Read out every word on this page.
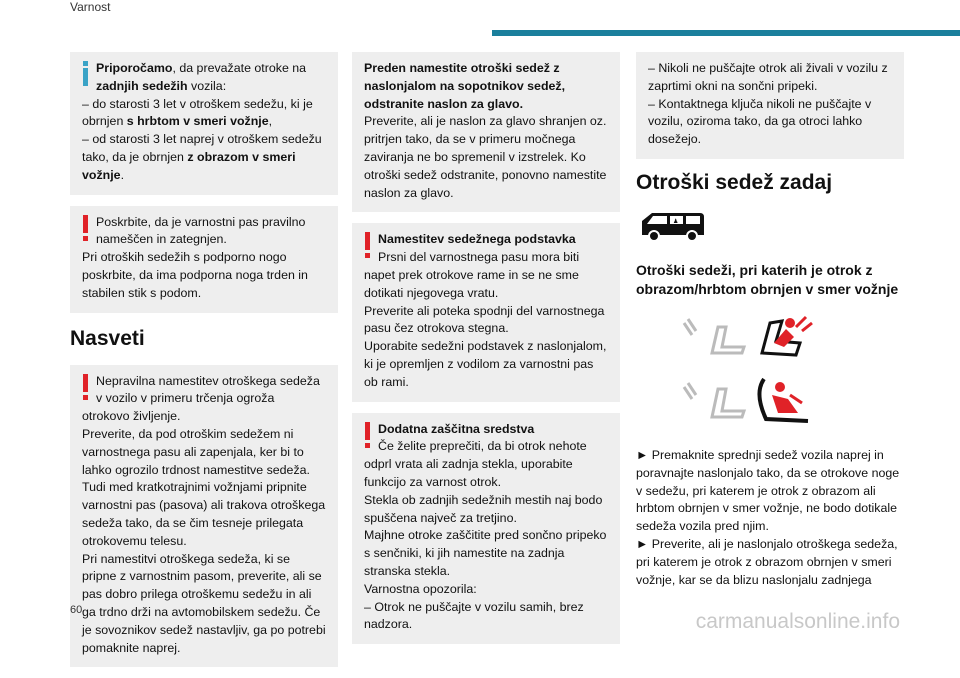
Varnost
Priporočamo, da prevažate otroke na zadnjih sedežih vozila:
– do starosti 3 let v otroškem sedežu, ki je obrnjen s hrbtom v smeri vožnje,
– od starosti 3 let naprej v otroškem sedežu tako, da je obrnjen z obrazom v smeri vožnje.
Poskrbite, da je varnostni pas pravilno nameščen in zategnjen.
Pri otroških sedežih s podporno nogo poskrbite, da ima podporna noga trden in stabilen stik s podom.
Nasveti
Nepravilna namestitev otroškega sedeža v vozilo v primeru trčenja ogroža
otrokovo življenje.
Preverite, da pod otroškim sedežem ni varnostnega pasu ali zapenjala, ker bi to lahko ogrozilo trdnost namestitve sedeža.
Tudi med kratkotrajnimi vožnjami pripnite varnostni pas (pasova) ali trakova otroškega sedeža tako, da se čim tesneje prilegata otrokovemu telesu.
Pri namestitvi otroškega sedeža, ki se pripne z varnostnim pasom, preverite, ali se pas dobro prilega otroškemu sedežu in ali ga trdno drži na avtomobilskem sedežu. Če je sovoznikov sedež nastavljiv, ga po potrebi pomaknite naprej.
Preden namestite otroški sedež z naslonjalom na sopotnikov sedež, odstranite naslon za glavo.
Preverite, ali je naslon za glavo shranjen oz. pritrjen tako, da se v primeru močnega zaviranja ne bo spremenil v izstrelek. Ko otroški sedež odstranite, ponovno namestite naslon za glavo.
Namestitev sedežnega podstavka
Prsni del varnostnega pasu mora biti
napet prek otrokove rame in se ne sme dotikati njegovega vratu.
Preverite ali poteka spodnji del varnostnega pasu čez otrokova stegna.
Uporabite sedežni podstavek z naslonjalom, ki je opremljen z vodilom za varnostni pas ob rami.
Dodatna zaščitna sredstva
Če želite preprečiti, da bi otrok nehote
odprl vrata ali zadnja stekla, uporabite funkcijo za varnost otrok.
Stekla ob zadnjih sedežnih mestih naj bodo spuščena največ za tretjino.
Majhne otroke zaščitite pred sončno pripeko s senčniki, ki jih namestite na zadnja stranska stekla.
Varnostna opozorila:
– Otrok ne puščajte v vozilu samih, brez nadzora.
– Nikoli ne puščajte otrok ali živali v vozilu z zaprtimi okni na sončni pripeki.
– Kontaktnega ključa nikoli ne puščajte v vozilu, oziroma tako, da ga otroci lahko dosežejo.
Otroški sedež zadaj
♟
Otroški sedeži, pri katerih je otrok z obrazom/hrbtom obrnjen v smer vožnje
► Premaknite sprednji sedež vozila naprej in poravnajte naslonjalo tako, da se otrokove noge v sedežu, pri katerem je otrok z obrazom ali hrbtom obrnjen v smer vožnje, ne bodo dotikale sedeža vozila pred njim.
► Preverite, ali je naslonjalo otroškega sedeža, pri katerem je otrok z obrazom obrnjen v smeri vožnje, kar se da blizu naslonjalu zadnjega
60	carmanualsonline.info
